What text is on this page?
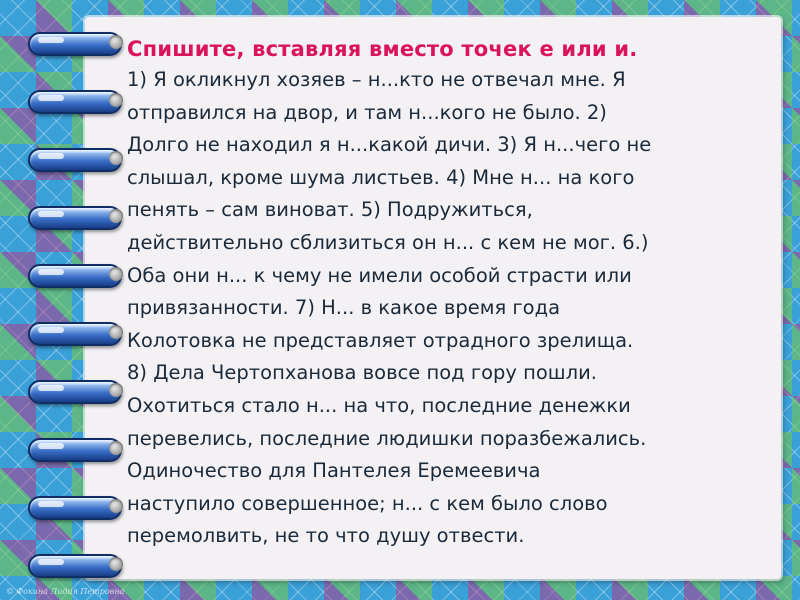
Спишите, вставляя вместо точек е или и.

1) Я окликнул хозяев – н...кто не отвечал мне. Я

отправился на двор, и там н...кого не было. 2)

Долго не находил я н...какой дичи. 3) Я н...чего не

слышал, кроме шума листьев. 4) Мне н... на кого

пенять – сам виноват. 5) Подружиться,

действительно сблизиться он н... с кем не мог. 6.)

Оба они н... к чему не имели особой страсти или

привязанности. 7) Н... в какое время года

Колотовка не представляет отрадного зрелища.

8) Дела Чертопханова вовсе под гору пошли.

Охотиться стало н... на что, последние денежки

перевелись, последние людишки поразбежались.

Одиночество для Пантелея Еремеевича

наступило совершенное; н... с кем было слово

перемолвить, не то что душу отвести.

© Фокина Лидия Петровна
